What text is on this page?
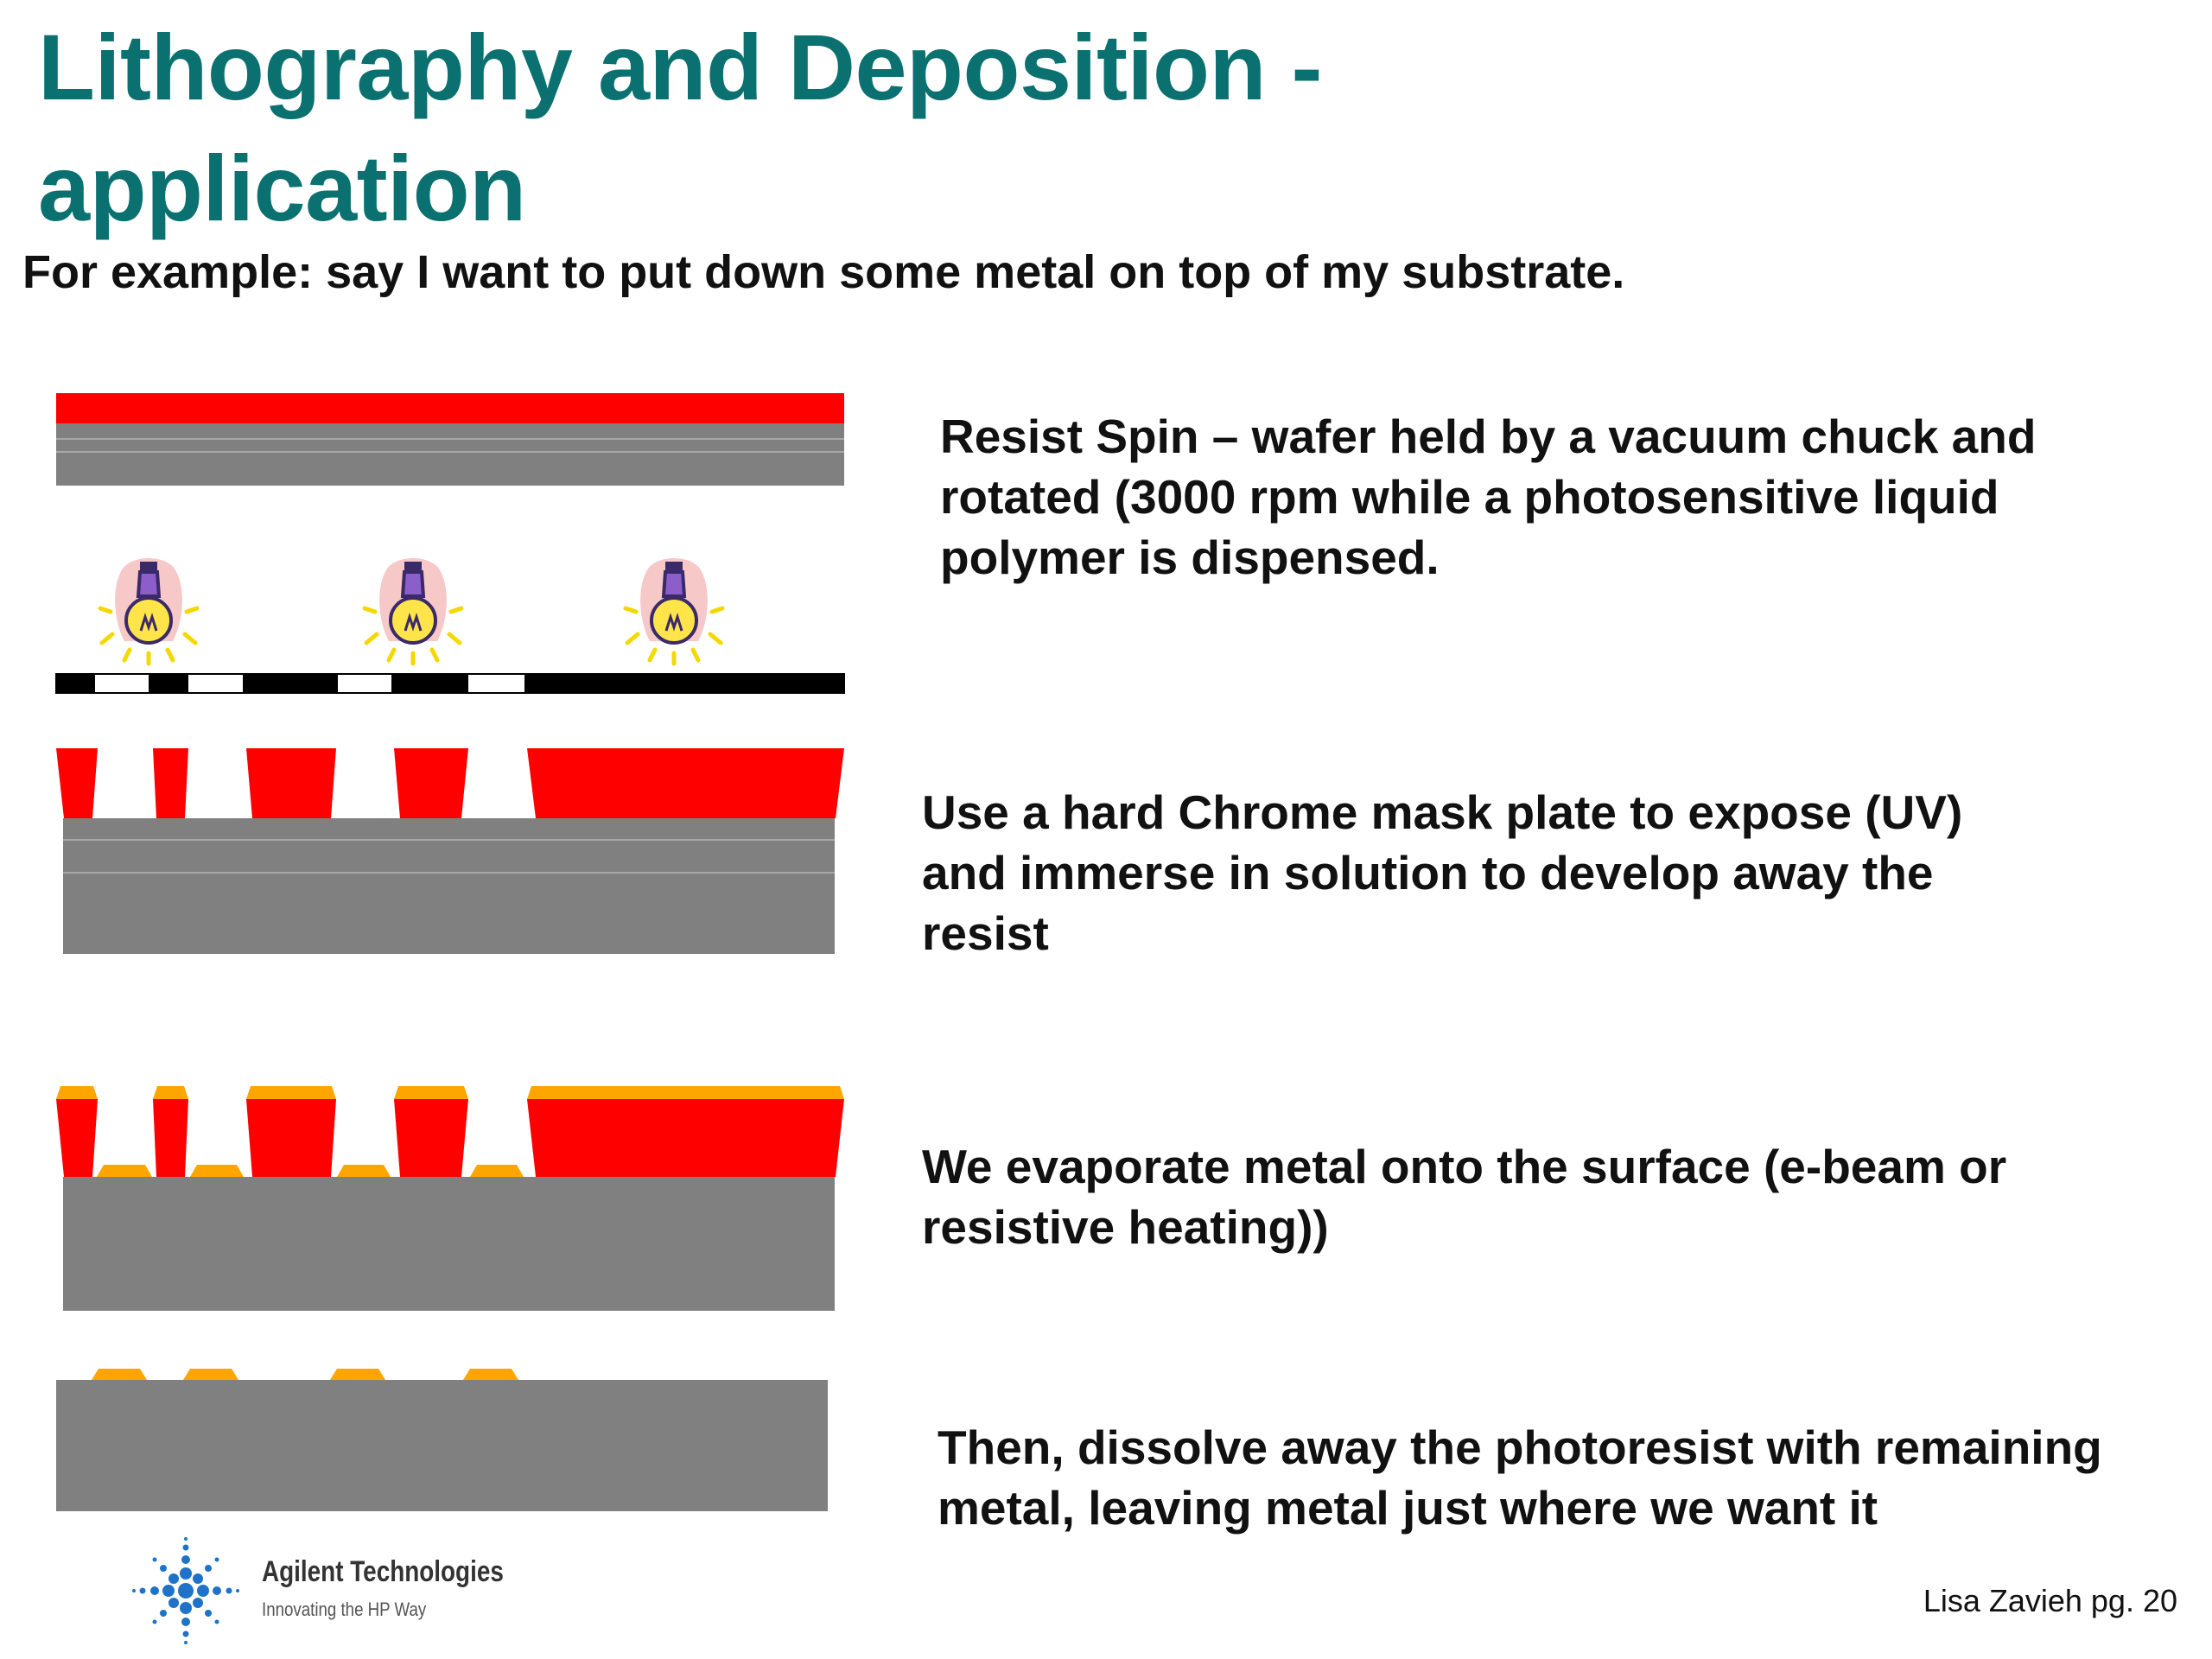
Lithography and Deposition -
application

For example: say I want to put down some metal on top of my substrate.

Resist Spin – wafer held by a vacuum chuck and
rotated (3000 rpm while a photosensitive liquid
polymer is dispensed.

Use a hard Chrome mask plate to expose (UV)
and immerse in solution to develop away the
resist

We evaporate metal onto the surface (e-beam or
resistive heating))

Then, dissolve away the photoresist with remaining
metal, leaving metal just where we want it

Agilent Technologies
Innovating the HP Way	Lisa Zavieh pg. 20
